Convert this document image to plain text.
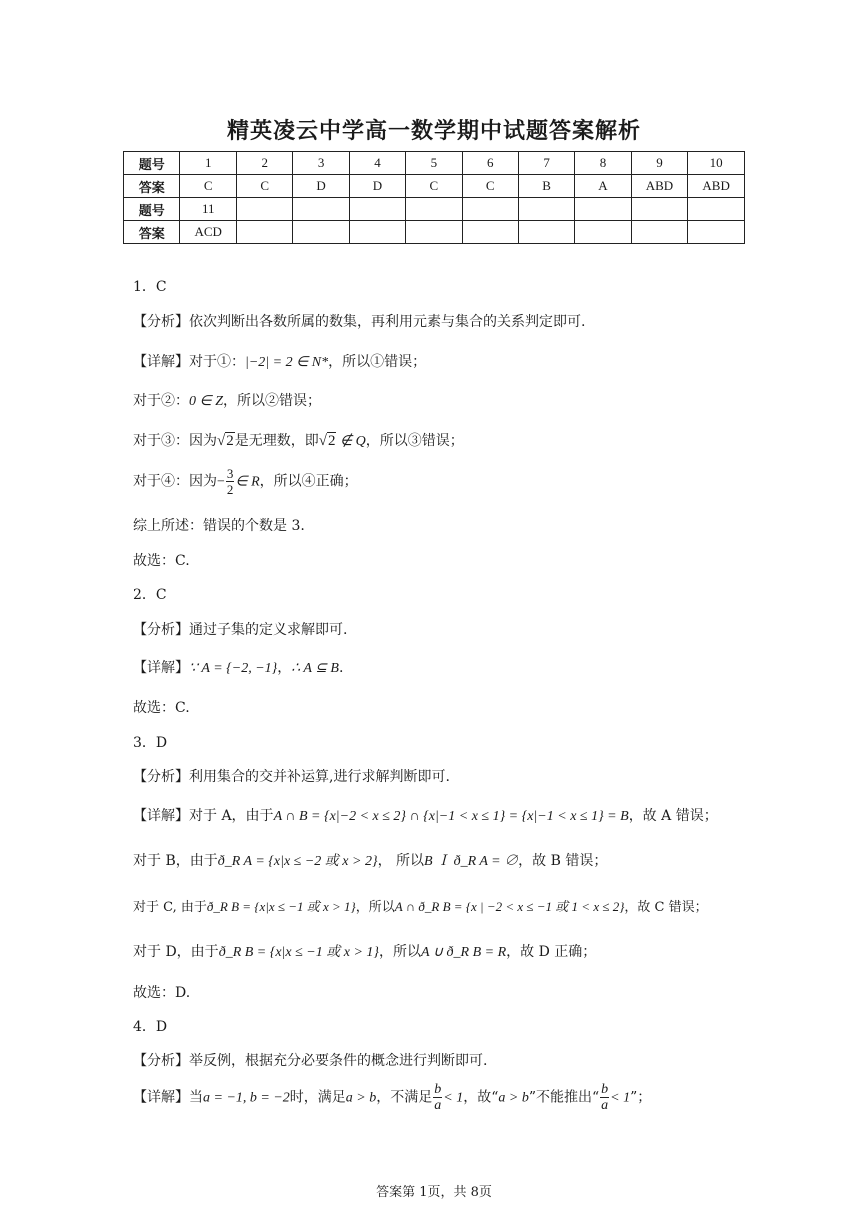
精英凌云中学高一数学期中试题答案解析
题号	1	2	3	4	5	6	7	8	9	10
答案	C	C	D	D	C	C	B	A	ABD	ABD
题号	11									
答案	ACD									
1．C
【分析】依次判断出各数所属的数集，再利用元素与集合的关系判定即可.
【详解】对于①：|−2| = 2 ∈ N*，所以①错误；
对于②：0 ∈ Z，所以②错误；
对于③：因为√2是无理数，即√2 ∉ Q，所以③错误；
对于④：因为− $\frac{3}{2}$ ∈ R，所以④正确；
综上所述：错误的个数是 3.
故选：C.
2．C
【分析】通过子集的定义求解即可.
【详解】∵ A = {−2, −1}，∴ A ⊆ B.
故选：C.
3．D
【分析】利用集合的交并补运算,进行求解判断即可.
【详解】对于 A，由于A ∩ B = {x|−2 < x ≤ 2} ∩ {x|−1 < x ≤ 1} = {x|−1 < x ≤ 1} = B，故 A 错误；
对于 B，由于ð_R A = {x|x ≤ −2 或 x > 2}， 所以B Ｉ ð_R A = ∅，故 B 错误；
对于 C, 由于ð_R B = {x|x ≤ −1 或 x > 1}，所以A ∩ ð_R B = {x | −2 < x ≤ −1 或 1 < x ≤ 2}，故 C 错误；
对于 D，由于ð_R B = {x|x ≤ −1 或 x > 1}，所以A ∪ ð_R B = R，故 D 正确；
故选：D.
4．D
【分析】举反例，根据充分必要条件的概念进行判断即可.
【详解】当a = −1, b = −2时，满足a > b，不满足 $\frac{b}{a} < 1$，故“a > b”不能推出“ $\frac{b}{a} < 1$”；
答案第 1页，共 8页
